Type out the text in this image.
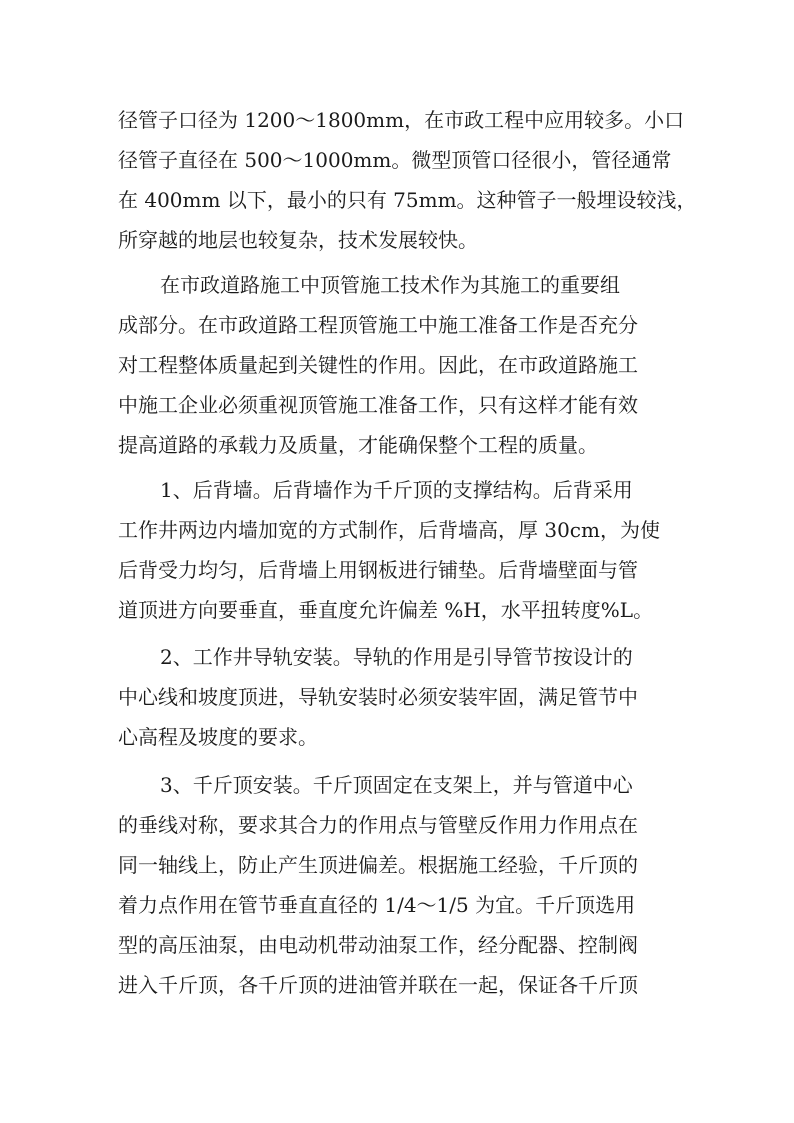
径管子口径为 1200～1800mm，在市政工程中应用较多。小口
径管子直径在 500～1000mm。微型顶管口径很小，管径通常
在 400mm 以下，最小的只有 75mm。这种管子一般埋设较浅，
所穿越的地层也较复杂，技术发展较快。
在市政道路施工中顶管施工技术作为其施工的重要组
成部分。在市政道路工程顶管施工中施工准备工作是否充分
对工程整体质量起到关键性的作用。因此，在市政道路施工
中施工企业必须重视顶管施工准备工作，只有这样才能有效
提高道路的承载力及质量，才能确保整个工程的质量。
1、后背墙。后背墙作为千斤顶的支撑结构。后背采用
工作井两边内墙加宽的方式制作，后背墙高，厚 30cm，为使
后背受力均匀，后背墙上用钢板进行铺垫。后背墙壁面与管
道顶进方向要垂直，垂直度允许偏差 %H，水平扭转度%L。
2、工作井导轨安装。导轨的作用是引导管节按设计的
中心线和坡度顶进，导轨安装时必须安装牢固，满足管节中
心高程及坡度的要求。
3、千斤顶安装。千斤顶固定在支架上，并与管道中心
的垂线对称，要求其合力的作用点与管壁反作用力作用点在
同一轴线上，防止产生顶进偏差。根据施工经验，千斤顶的
着力点作用在管节垂直直径的 1/4～1/5 为宜。千斤顶选用
型的高压油泵，由电动机带动油泵工作，经分配器、控制阀
进入千斤顶，各千斤顶的进油管并联在一起，保证各千斤顶
